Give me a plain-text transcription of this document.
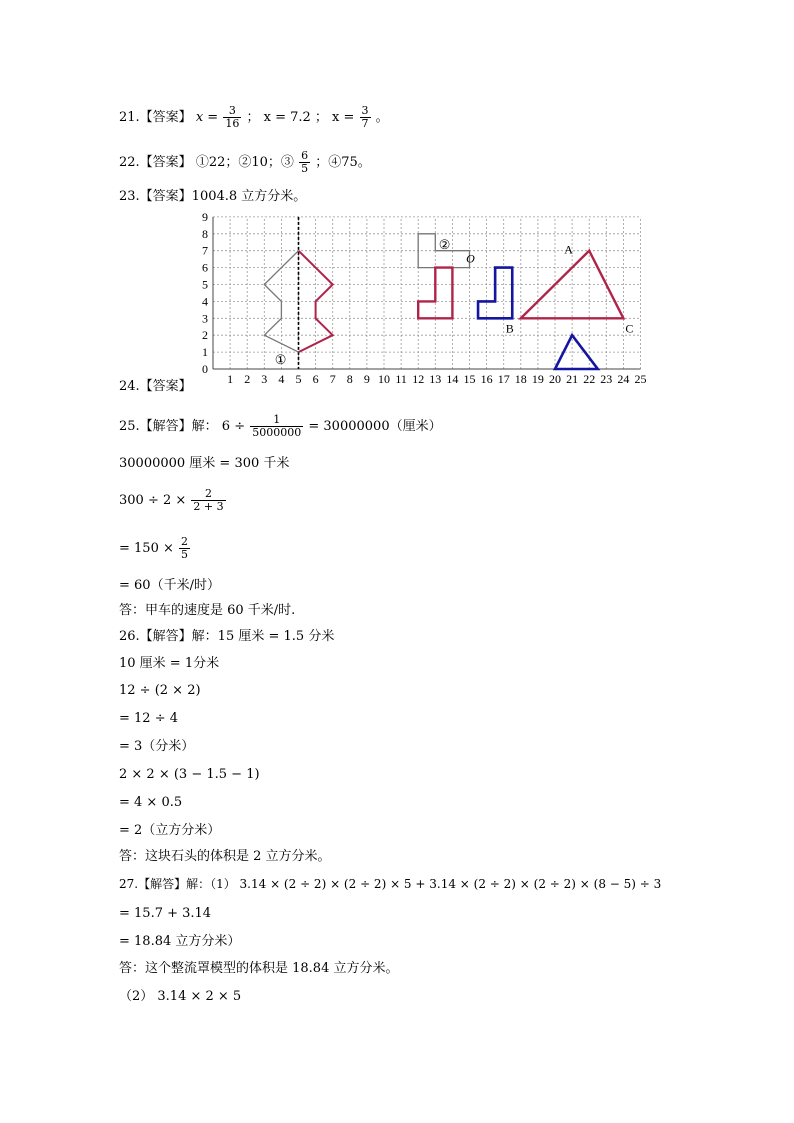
21.【答案】 $x = \frac{3}{16}$ ； x = 7.2 ； $x = \frac{3}{7}$ 。
22.【答案】 ①22；②10；③ $\frac{6}{5}$ ；④75。
23.【答案】1004.8 立方分米。
1 2 3 4 5 6 7 8 9 10 11 12 13 14 15 16 17 18 19 20 21 22 23 24 25
0
1
2
3
4
5
6
7
8
9
①
②
O
A
B	C
24.【答案】
25.【解答】解： $6 \div \frac{1}{5000000} = 30000000$（厘米）
30000000 厘米 = 300 千米
$300 \div 2 \times \frac{2}{2 + 3}$
= $150 \times \frac{2}{5}$
= 60（千米/时）
答：甲车的速度是 60 千米/时.
26.【解答】解：15 厘米 = 1.5 分米
10 厘米 = 1分米
12 ÷ (2 × 2)
= 12 ÷ 4
= 3（分米）
2 × 2 × (3 − 1.5 − 1)
= 4 × 0.5
= 2（立方分米）
答：这块石头的体积是 2 立方分米。
27.【解答】解：（1） 3.14 × (2 ÷ 2) × (2 ÷ 2) × 5 + 3.14 × (2 ÷ 2) × (2 ÷ 2) × (8 − 5) ÷ 3
= 15.7 + 3.14
= 18.84 立方分米）
答：这个整流罩模型的体积是 18.84 立方分米。
（2） 3.14 × 2 × 5
